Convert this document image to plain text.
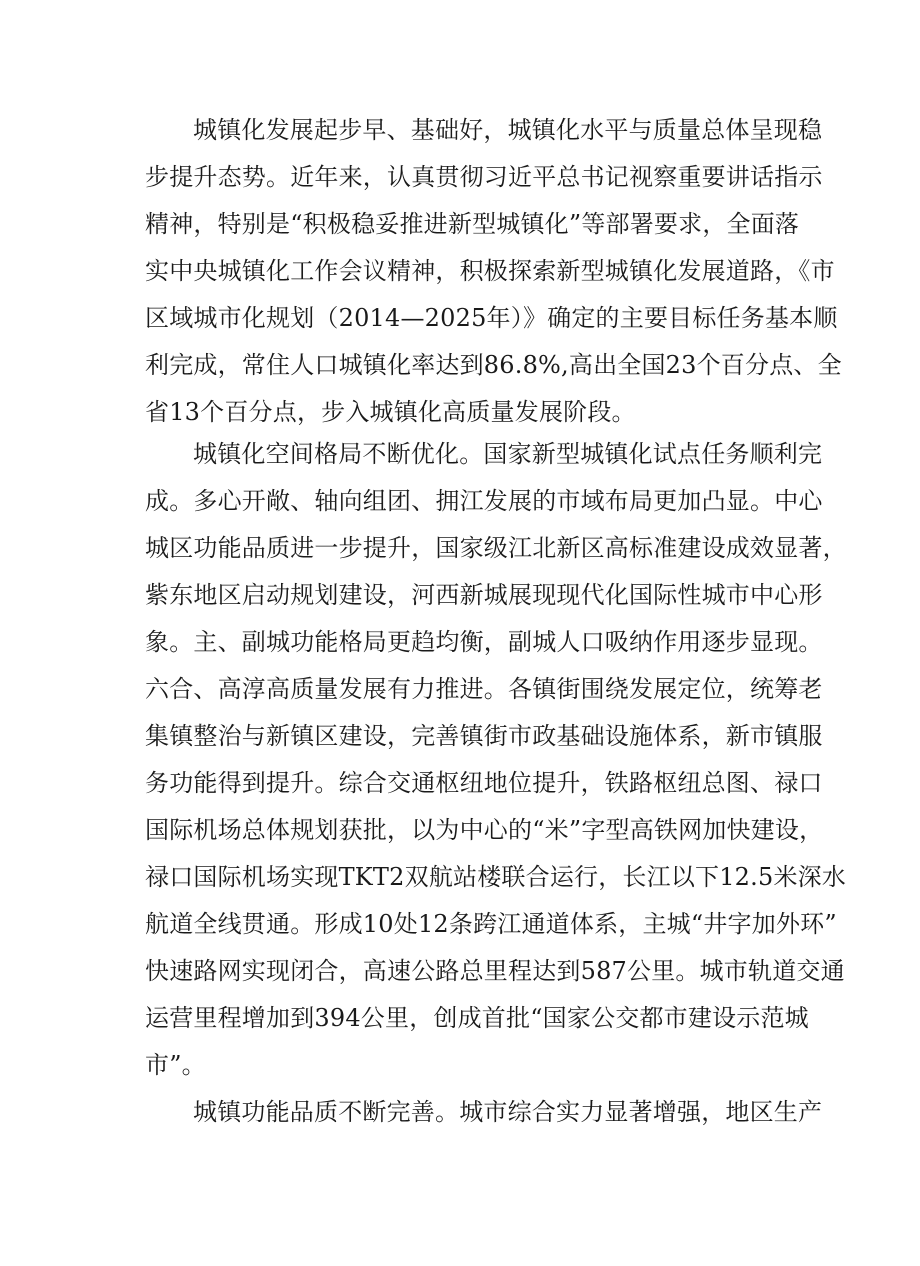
城镇化发展起步早、基础好，城镇化水平与质量总体呈现稳
步提升态势。近年来，认真贯彻习近平总书记视察重要讲话指示
精神，特别是“积极稳妥推进新型城镇化”等部署要求，全面落
实中央城镇化工作会议精神，积极探索新型城镇化发展道路，《市
区域城市化规划（2014—2025年）》确定的主要目标任务基本顺
利完成，常住人口城镇化率达到86.8%,高出全国23个百分点、全
省13个百分点，步入城镇化高质量发展阶段。
城镇化空间格局不断优化。国家新型城镇化试点任务顺利完
成。多心开敞、轴向组团、拥江发展的市域布局更加凸显。中心
城区功能品质进一步提升，国家级江北新区高标准建设成效显著，
紫东地区启动规划建设，河西新城展现现代化国际性城市中心形
象。主、副城功能格局更趋均衡，副城人口吸纳作用逐步显现。
六合、高淳高质量发展有力推进。各镇街围绕发展定位，统筹老
集镇整治与新镇区建设，完善镇街市政基础设施体系，新市镇服
务功能得到提升。综合交通枢纽地位提升，铁路枢纽总图、禄口
国际机场总体规划获批，以为中心的“米”字型高铁网加快建设，
禄口国际机场实现TKT2双航站楼联合运行，长江以下12.5米深水
航道全线贯通。形成10处12条跨江通道体系，主城“井字加外环”
快速路网实现闭合，高速公路总里程达到587公里。城市轨道交通
运营里程增加到394公里，创成首批“国家公交都市建设示范城
市”。
城镇功能品质不断完善。城市综合实力显著增强，地区生产
